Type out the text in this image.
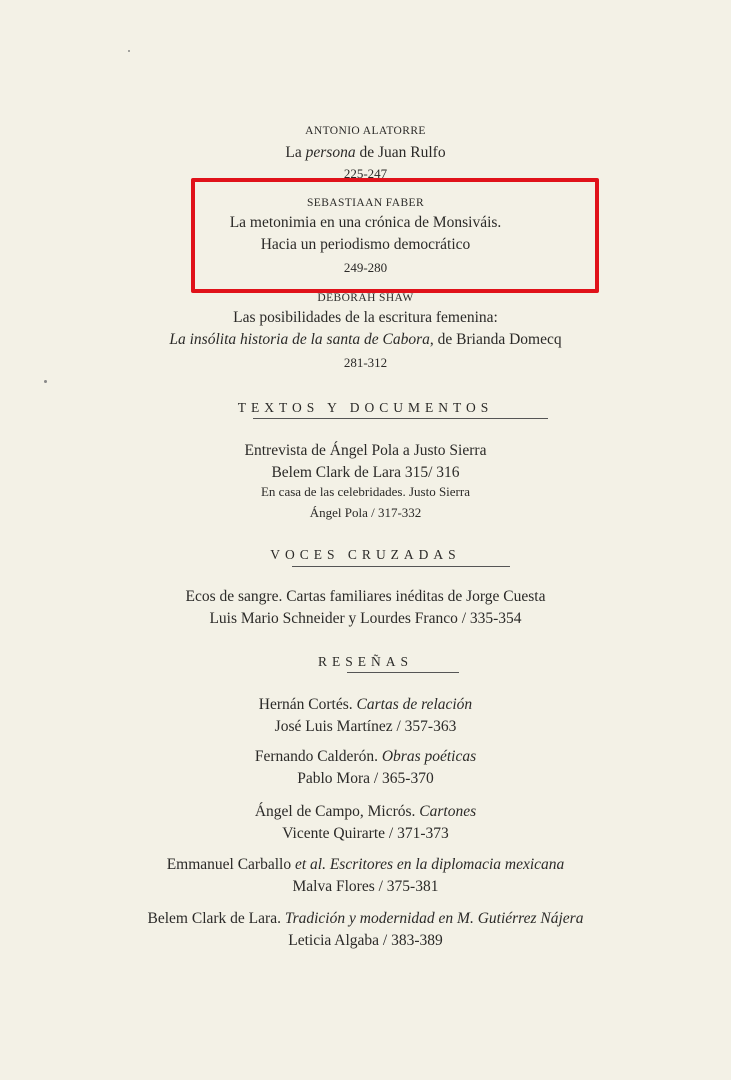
ANTONIO ALATORRE
La persona de Juan Rulfo
225-247
SEBASTIAAN FABER
La metonimia en una crónica de Monsiváis.
Hacia un periodismo democrático
249-280
DEBORAH SHAW
Las posibilidades de la escritura femenina:
La insólita historia de la santa de Cabora, de Brianda Domecq
281-312
TEXTOS Y DOCUMENTOS
Entrevista de Ángel Pola a Justo Sierra
Belem Clark de Lara 315/ 316
En casa de las celebridades. Justo Sierra
Ángel Pola / 317-332
VOCES CRUZADAS
Ecos de sangre. Cartas familiares inéditas de Jorge Cuesta
Luis Mario Schneider y Lourdes Franco / 335-354
RESEÑAS
Hernán Cortés. Cartas de relación
José Luis Martínez / 357-363
Fernando Calderón. Obras poéticas
Pablo Mora / 365-370
Ángel de Campo, Micrós. Cartones
Vicente Quirarte / 371-373
Emmanuel Carballo et al. Escritores en la diplomacia mexicana
Malva Flores / 375-381
Belem Clark de Lara. Tradición y modernidad en M. Gutiérrez Nájera
Leticia Algaba / 383-389
